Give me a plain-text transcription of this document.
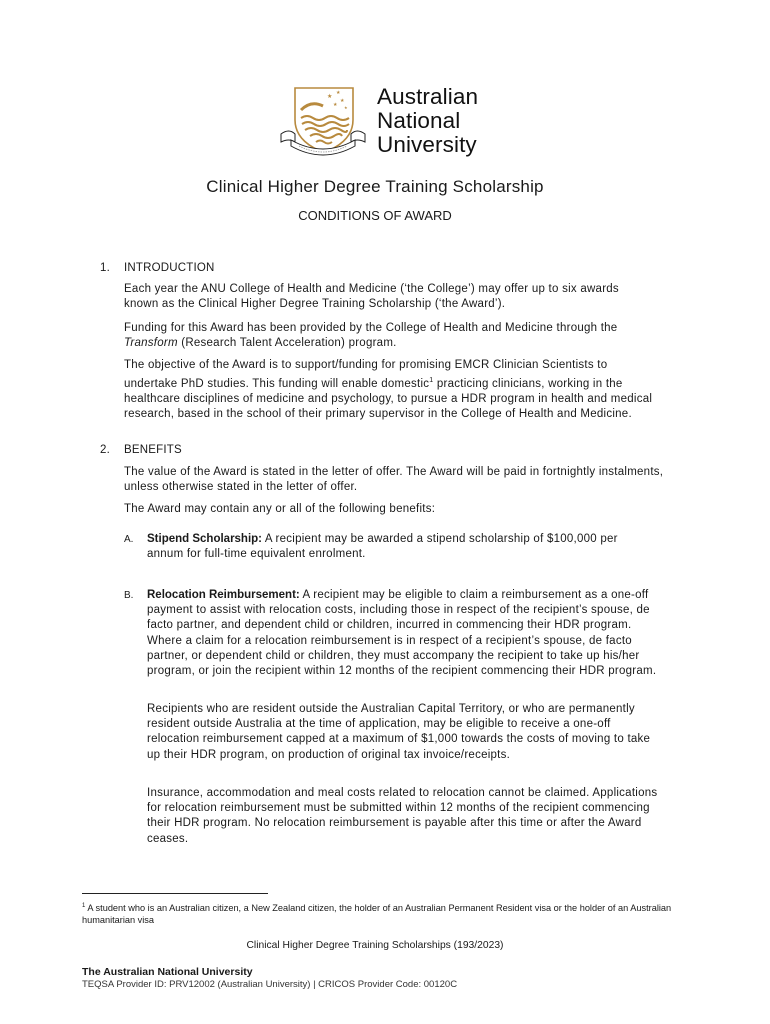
★ ★
★
★ ★ Australian
National
University
Clinical Higher Degree Training Scholarship
CONDITIONS OF AWARD
1. INTRODUCTION

Each year the ANU College of Health and Medicine (‘the College’) may offer up to six awards known as the Clinical Higher Degree Training Scholarship (‘the Award’).

Funding for this Award has been provided by the College of Health and Medicine through the Transform (Research Talent Acceleration) program.

The objective of the Award is to support/funding for promising EMCR Clinician Scientists to undertake PhD studies. This funding will enable domestic$^1$ practicing clinicians, working in the healthcare disciplines of medicine and psychology, to pursue a HDR program in health and medical research, based in the school of their primary supervisor in the College of Health and Medicine.

2. BENEFITS

The value of the Award is stated in the letter of offer. The Award will be paid in fortnightly instalments, unless otherwise stated in the letter of offer.

The Award may contain any or all of the following benefits:

A. Stipend Scholarship: A recipient may be awarded a stipend scholarship of $100,000 per annum for full-time equivalent enrolment.

B. Relocation Reimbursement: A recipient may be eligible to claim a reimbursement as a one-off payment to assist with relocation costs, including those in respect of the recipient’s spouse, de facto partner, and dependent child or children, incurred in commencing their HDR program. Where a claim for a relocation reimbursement is in respect of a recipient’s spouse, de facto partner, or dependent child or children, they must accompany the recipient to take up his/her program, or join the recipient within 12 months of the recipient commencing their HDR program.

Recipients who are resident outside the Australian Capital Territory, or who are permanently resident outside Australia at the time of application, may be eligible to receive a one-off relocation reimbursement capped at a maximum of $1,000 towards the costs of moving to take up their HDR program, on production of original tax invoice/receipts.

Insurance, accommodation and meal costs related to relocation cannot be claimed. Applications for relocation reimbursement must be submitted within 12 months of the recipient commencing their HDR program. No relocation reimbursement is payable after this time or after the Award ceases.

$^1$ A student who is an Australian citizen, a New Zealand citizen, the holder of an Australian Permanent Resident visa or the holder of an Australian humanitarian visa
Clinical Higher Degree Training Scholarships (193/2023)
The Australian National University
TEQSA Provider ID: PRV12002 (Australian University) | CRICOS Provider Code: 00120C
